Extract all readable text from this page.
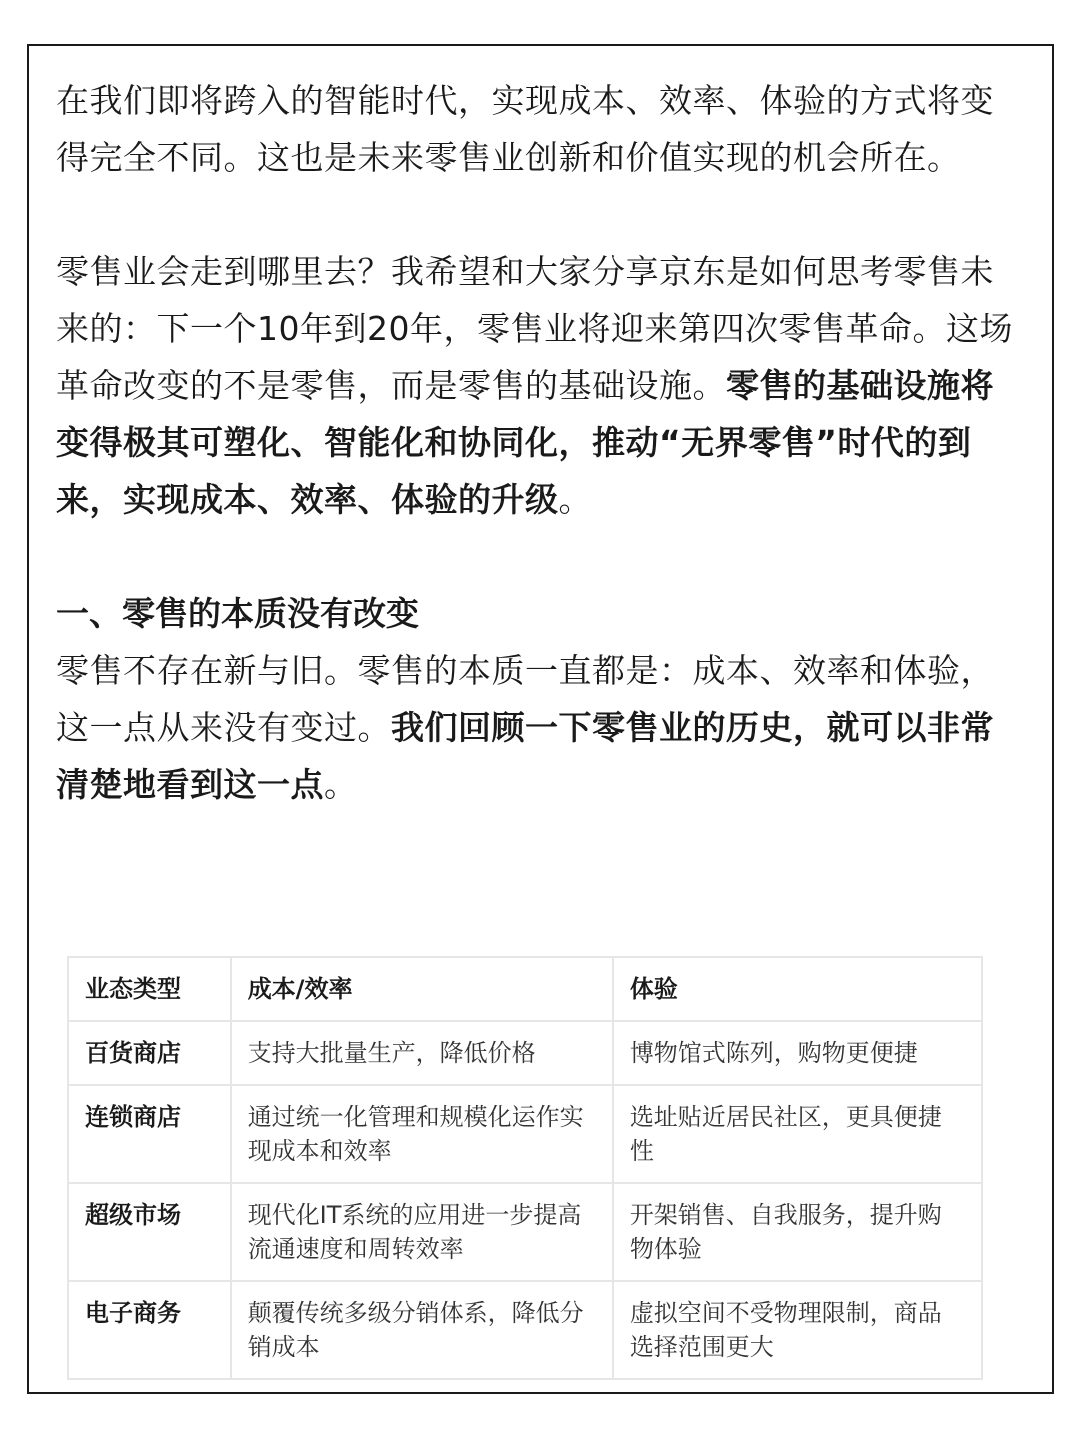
在我们即将跨入的智能时代，实现成本、效率、体验的方式将变得完全不同。这也是未来零售业创新和价值实现的机会所在。

零售业会走到哪里去？我希望和大家分享京东是如何思考零售未来的：下一个10年到20年，零售业将迎来第四次零售革命。这场革命改变的不是零售，而是零售的基础设施。零售的基础设施将变得极其可塑化、智能化和协同化，推动“无界零售”时代的到来，实现成本、效率、体验的升级。

一、零售的本质没有改变

零售不存在新与旧。零售的本质一直都是：成本、效率和体验，这一点从来没有变过。我们回顾一下零售业的历史，就可以非常清楚地看到这一点。

业态类型	成本/效率	体验
百货商店	支持大批量生产，降低价格	博物馆式陈列，购物更便捷
连锁商店	通过统一化管理和规模化运作实现成本和效率	选址贴近居民社区，更具便捷性
超级市场	现代化IT系统的应用进一步提高流通速度和周转效率	开架销售、自我服务，提升购物体验
电子商务	颠覆传统多级分销体系，降低分销成本	虚拟空间不受物理限制，商品选择范围更大
